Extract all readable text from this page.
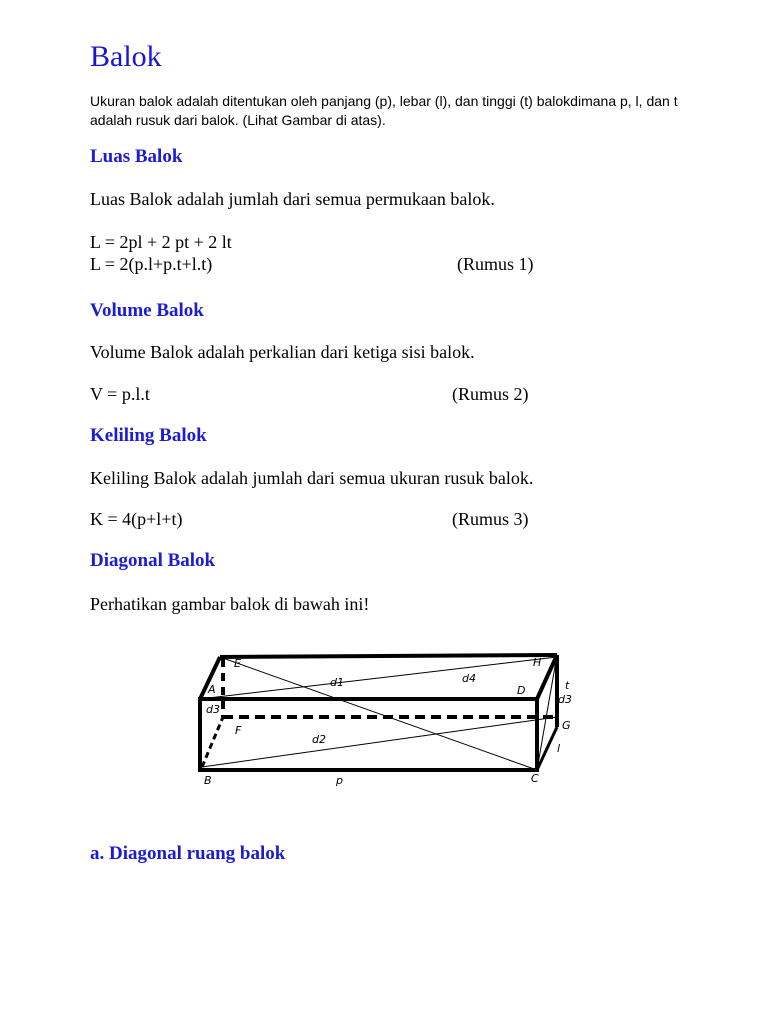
Balok
Ukuran balok adalah ditentukan oleh panjang (p), lebar (l), dan tinggi (t) balokdimana p, l, dan t adalah rusuk dari balok. (Lihat Gambar di atas).
Luas Balok
Luas Balok adalah jumlah dari semua permukaan balok.
L = 2pl + 2 pt + 2 lt
L = 2(p.l+p.t+l.t)	(Rumus 1)
Volume Balok
Volume Balok adalah perkalian dari ketiga sisi balok.
V = p.l.t	(Rumus 2)
Keliling Balok
Keliling Balok adalah jumlah dari semua ukuran rusuk balok.
K = 4(p+l+t)	(Rumus 3)
Diagonal Balok
Perhatikan gambar balok di bawah ini!
E	H
A	D
d1	d4
d3
d3
t
F	G
d2
l
B	p	C
a. Diagonal ruang balok
